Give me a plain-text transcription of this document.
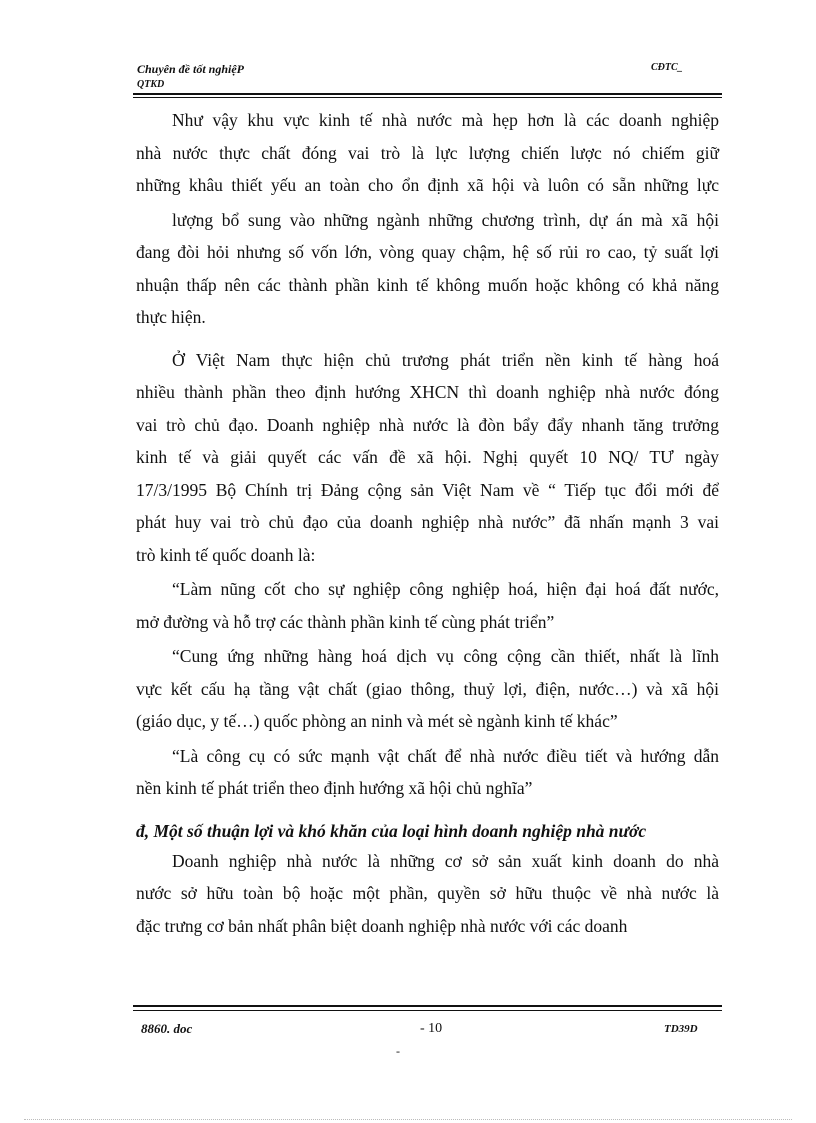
Chuyên đề tốt nghiệP
QTKD
CĐTC_

Như vậy khu vực kinh tế nhà nước mà hẹp hơn là các doanh nghiệp
nhà nước thực chất đóng vai trò là lực lượng chiến lược nó chiếm giữ
những khâu thiết yếu an toàn cho ổn định xã hội và luôn có sẵn những lực

lượng bổ sung vào những ngành những chương trình, dự án mà xã hội
đang đòi hỏi nhưng số vốn lớn, vòng quay chậm, hệ số rủi ro cao, tỷ suất lợi
nhuận thấp nên các thành phần kinh tế không muốn hoặc không có khả năng
thực hiện.

Ở Việt Nam thực hiện chủ trương phát triển nền kinh tế hàng hoá
nhiều thành phần theo định hướng XHCN thì doanh nghiệp nhà nước đóng
vai trò chủ đạo. Doanh nghiệp nhà nước là đòn bẩy đẩy nhanh tăng trưởng
kinh tế và giải quyết các vấn đề xã hội. Nghị quyết 10 NQ/ TƯ ngày
17/3/1995 Bộ Chính trị Đảng cộng sản Việt Nam về “ Tiếp tục đổi mới để
phát huy vai trò chủ đạo của doanh nghiệp nhà nước” đã nhấn mạnh 3 vai
trò kinh tế quốc doanh là:

“Làm nũng cốt cho sự nghiệp công nghiệp hoá, hiện đại hoá đất nước,
mở đường và hỗ trợ các thành phần kinh tế cùng phát triển”

“Cung ứng những hàng hoá dịch vụ công cộng cần thiết, nhất là lĩnh
vực kết cấu hạ tầng vật chất (giao thông, thuỷ lợi, điện, nước…) và xã hội
(giáo dục, y tế…) quốc phòng an ninh và mét sè ngành kinh tế khác”

“Là công cụ có sức mạnh vật chất để nhà nước điều tiết và hướng dẫn
nền kinh tế phát triển theo định hướng xã hội chủ nghĩa”

đ, Một số thuận lợi và khó khăn của loại hình doanh nghiệp nhà nước

Doanh nghiệp nhà nước là những cơ sở sản xuất kinh doanh do nhà
nước sở hữu toàn bộ hoặc một phần, quyền sở hữu thuộc về nhà nước là
đặc trưng cơ bản nhất phân biệt doanh nghiệp nhà nước với các doanh

8860. doc	- 10
-
TD39D
